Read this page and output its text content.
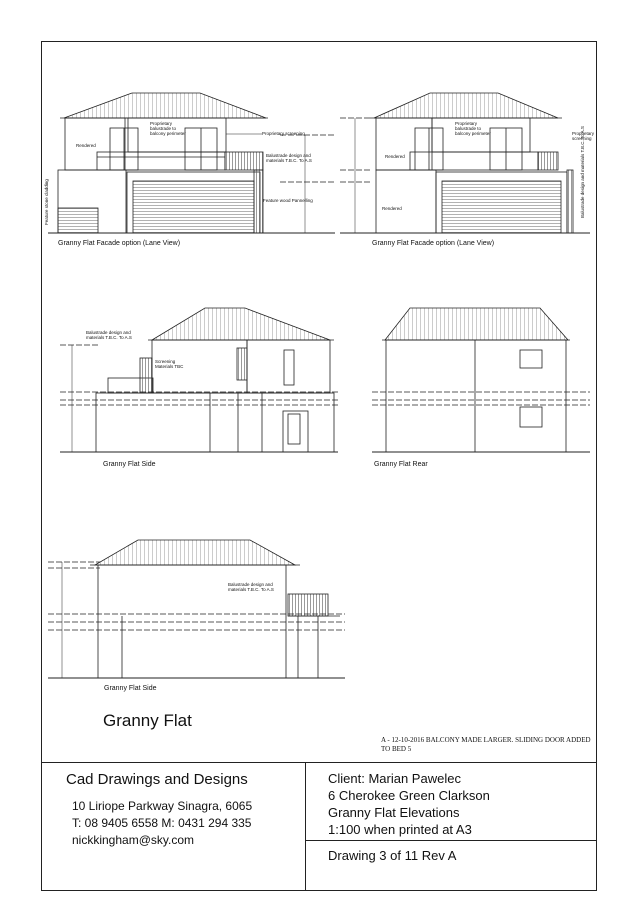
Proprietary balustrade to balcony perimeter	Proprietary screening
Rendered
Balustrade design and materials T.B.C. To A.S
Feature stone cladding	Feature wood Pannelling
Granny Flat Facade option (Lane View)
Proprietary balustrade to balcony perimeter	Proprietary screening
Rendered
Rendered	Balustrade design and materials T.B.C. To A.S
Granny Flat Facade option (Lane View)
Balustrade design and materials T.B.C. To A.S
Screening Materials TBC
Granny Flat Side	Granny Flat Rear
Balustrade design and materials T.B.C. To A.S
Granny Flat Side
Granny Flat
A - 12-10-2016 BALCONY MADE LARGER. SLIDING DOOR ADDED TO BED 5
Cad Drawings and Designs
10 Liriope Parkway Sinagra, 6065
T: 08 9405 6558 M: 0431 294 335
nickkingham@sky.com
Client: Marian Pawelec
6 Cherokee Green Clarkson
Granny Flat Elevations
1:100 when printed at A3
Drawing 3 of 11 Rev A
